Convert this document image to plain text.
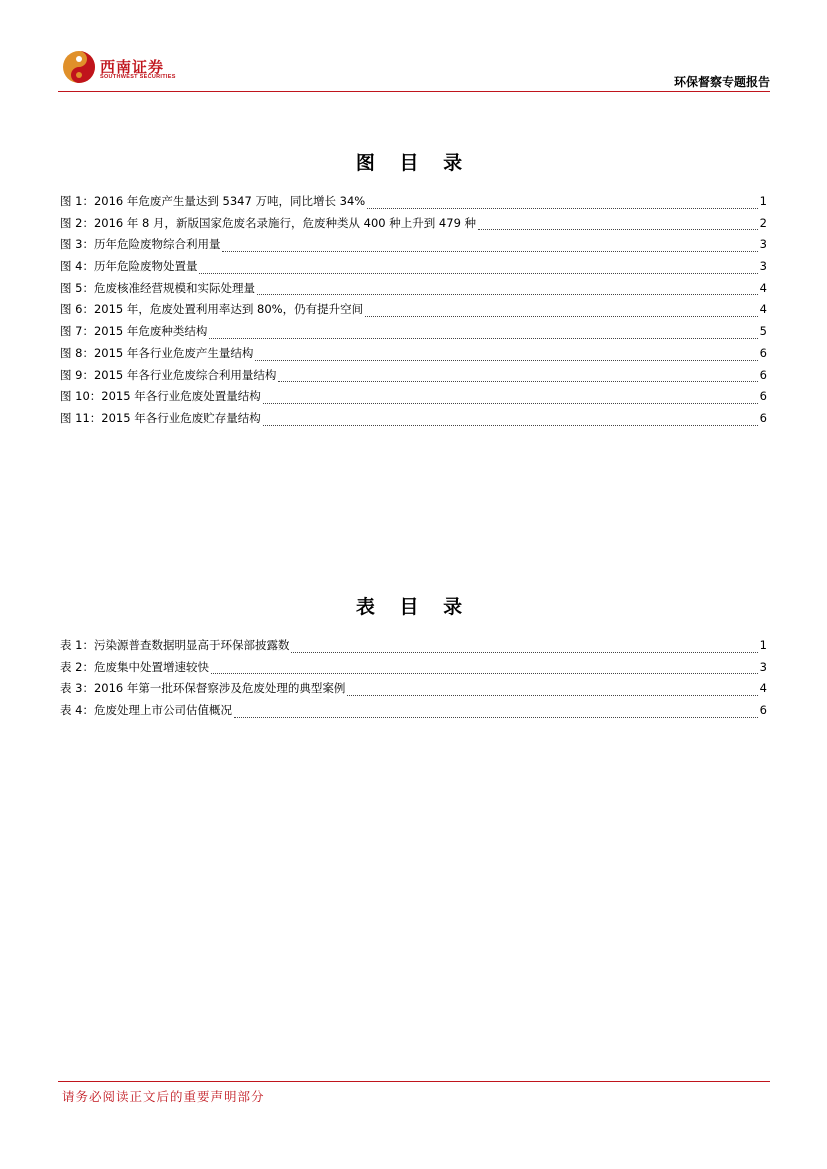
西南证券
SOUTHWEST SECURITIES	环保督察专题报告
图 目 录
图 1：2016 年危废产生量达到 5347 万吨，同比增长 34%	1
图 2：2016 年 8 月，新版国家危废名录施行，危废种类从 400 种上升到 479 种	2
图 3：历年危险废物综合利用量	3
图 4：历年危险废物处置量	3
图 5：危废核准经营规模和实际处理量	4
图 6：2015 年，危废处置利用率达到 80%，仍有提升空间	4
图 7：2015 年危废种类结构	5
图 8：2015 年各行业危废产生量结构	6
图 9：2015 年各行业危废综合利用量结构	6
图 10：2015 年各行业危废处置量结构	6
图 11：2015 年各行业危废贮存量结构	6
表 目 录
表 1：污染源普查数据明显高于环保部披露数	1
表 2：危废集中处置增速较快	3
表 3：2016 年第一批环保督察涉及危废处理的典型案例	4
表 4：危废处理上市公司估值概况	6
请务必阅读正文后的重要声明部分
